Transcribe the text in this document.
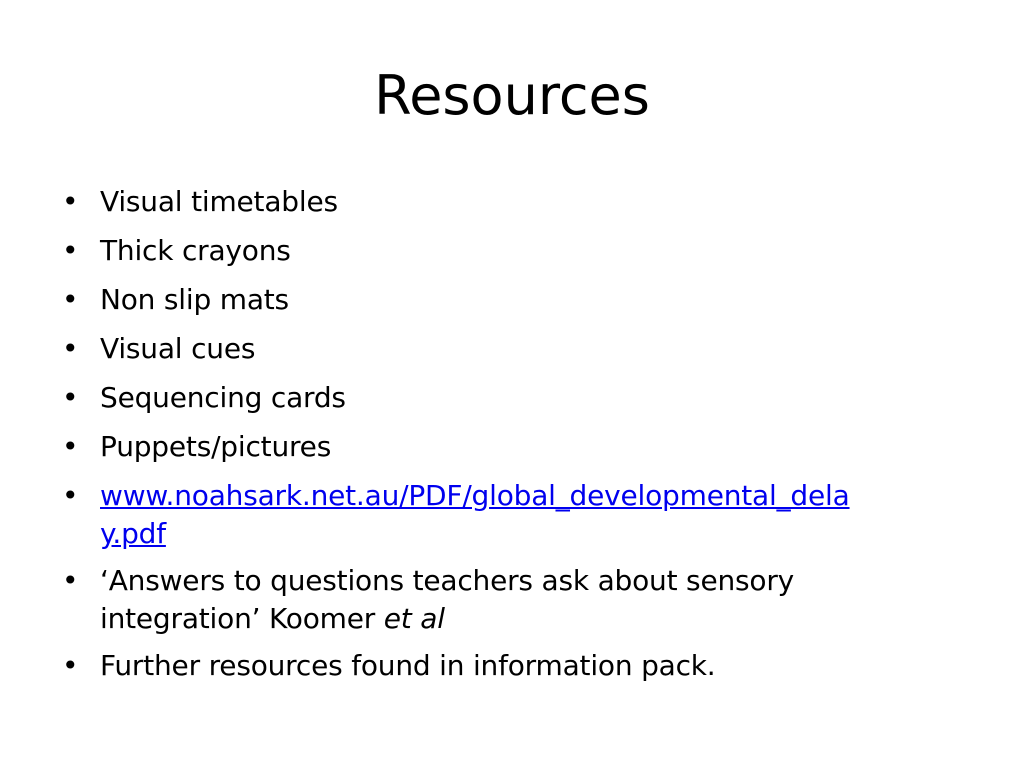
Resources
• Visual timetables
• Thick crayons
• Non slip mats
• Visual cues
• Sequencing cards
• Puppets/pictures
• www.noahsark.net.au/PDF/global_developmental_dela
y.pdf
• ‘Answers to questions teachers ask about sensory
integration’ Koomer et al
• Further resources found in information pack.
